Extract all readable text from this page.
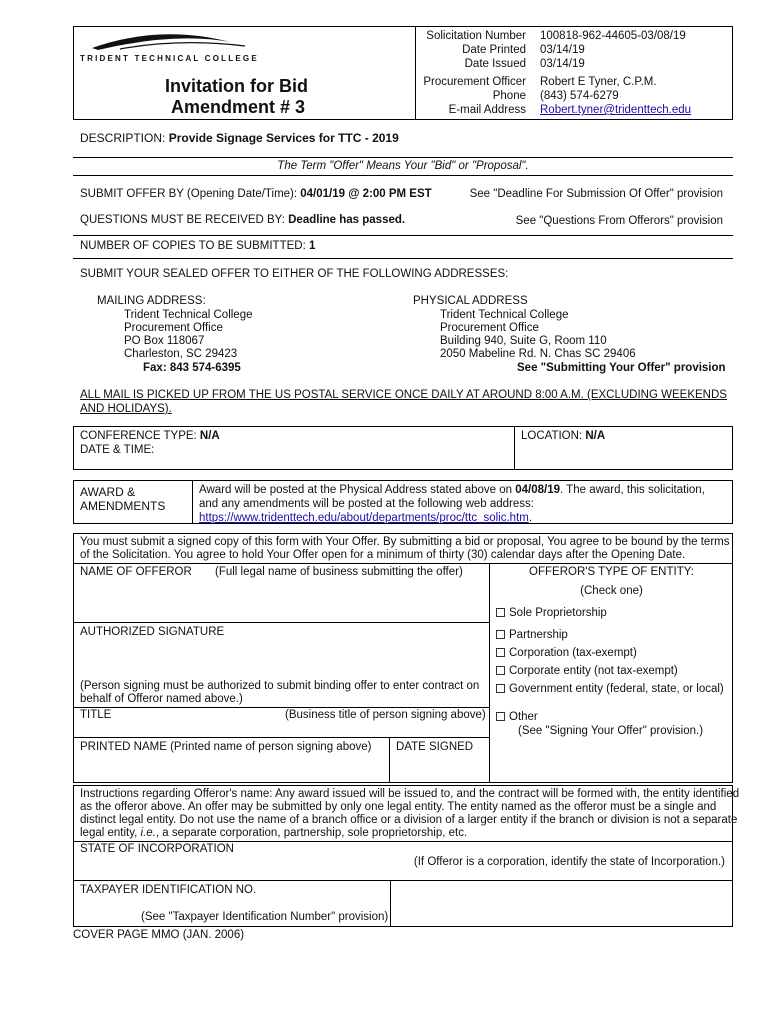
TRIDENT TECHNICAL COLLEGE
Invitation for Bid
Amendment # 3
Solicitation Number 100818-962-44605-03/08/19
Date Printed 03/14/19
Date Issued 03/14/19
Procurement Officer Robert E Tyner, C.P.M.
Phone (843) 574-6279
E-mail Address Robert.tyner@tridenttech.edu
DESCRIPTION: Provide Signage Services for TTC - 2019
The Term "Offer" Means Your "Bid" or "Proposal".
SUBMIT OFFER BY (Opening Date/Time): 04/01/19 @ 2:00 PM EST	See "Deadline For Submission Of Offer" provision
QUESTIONS MUST BE RECEIVED BY: Deadline has passed.	See "Questions From Offerors" provision
NUMBER OF COPIES TO BE SUBMITTED: 1
SUBMIT YOUR SEALED OFFER TO EITHER OF THE FOLLOWING ADDRESSES:
MAILING ADDRESS:
Trident Technical College
Procurement Office
PO Box 118067
Charleston, SC 29423
Fax: 843 574-6395
PHYSICAL ADDRESS
Trident Technical College
Procurement Office
Building 940, Suite G, Room 110
2050 Mabeline Rd. N. Chas SC 29406
See "Submitting Your Offer" provision
ALL MAIL IS PICKED UP FROM THE US POSTAL SERVICE ONCE DAILY AT AROUND 8:00 A.M. (EXCLUDING WEEKENDS
AND HOLIDAYS).
CONFERENCE TYPE: N/A
DATE & TIME:
LOCATION: N/A
AWARD &
AMENDMENTS
Award will be posted at the Physical Address stated above on 04/08/19. The award, this solicitation,
and any amendments will be posted at the following web address:
https://www.tridenttech.edu/about/departments/proc/ttc_solic.htm.
You must submit a signed copy of this form with Your Offer. By submitting a bid or proposal, You agree to be bound by the terms
of the Solicitation. You agree to hold Your Offer open for a minimum of thirty (30) calendar days after the Opening Date.
NAME OF OFFEROR (Full legal name of business submitting the offer)
AUTHORIZED SIGNATURE
(Person signing must be authorized to submit binding offer to enter contract on
behalf of Offeror named above.)
TITLE	(Business title of person signing above)
PRINTED NAME (Printed name of person signing above) DATE SIGNED
OFFEROR'S TYPE OF ENTITY:
(Check one)
Sole Proprietorship
Partnership
Corporation (tax-exempt)
Corporate entity (not tax-exempt)
Government entity (federal, state, or local)
Other
(See "Signing Your Offer" provision.)
Instructions regarding Offeror's name: Any award issued will be issued to, and the contract will be formed with, the entity identified
as the offeror above. An offer may be submitted by only one legal entity. The entity named as the offeror must be a single and
distinct legal entity. Do not use the name of a branch office or a division of a larger entity if the branch or division is not a separate
legal entity, i.e., a separate corporation, partnership, sole proprietorship, etc.
STATE OF INCORPORATION
(If Offeror is a corporation, identify the state of Incorporation.)
TAXPAYER IDENTIFICATION NO.
(See "Taxpayer Identification Number" provision)
COVER PAGE MMO (JAN. 2006)
